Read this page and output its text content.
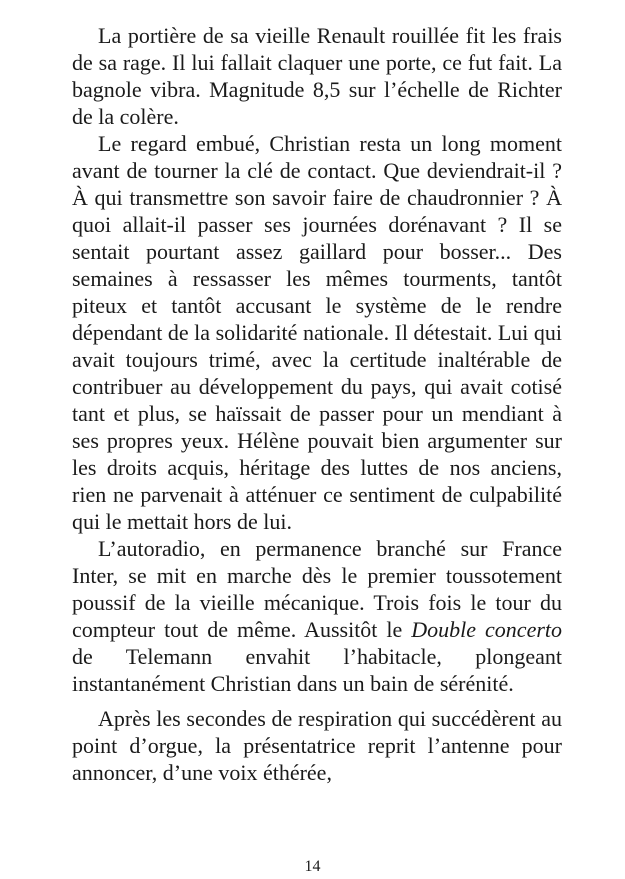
La portière de sa vieille Renault rouillée fit les frais de sa rage. Il lui fallait claquer une porte, ce fut fait. La bagnole vibra. Magnitude 8,5 sur l’échelle de Richter de la colère.

Le regard embué, Christian resta un long moment avant de tourner la clé de contact. Que deviendrait-il ? À qui transmettre son savoir faire de chaudronnier ? À quoi allait-il passer ses journées dorénavant ? Il se sentait pourtant assez gaillard pour bosser... Des semaines à ressasser les mêmes tourments, tantôt piteux et tantôt accusant le système de le rendre dépendant de la solidarité nationale. Il détestait. Lui qui avait toujours trimé, avec la certitude inaltérable de contribuer au développement du pays, qui avait cotisé tant et plus, se haïssait de passer pour un mendiant à ses propres yeux. Hélène pouvait bien argumenter sur les droits acquis, héritage des luttes de nos anciens, rien ne parvenait à atténuer ce sentiment de culpabilité qui le mettait hors de lui.

L’autoradio, en permanence branché sur France Inter, se mit en marche dès le premier toussotement poussif de la vieille mécanique. Trois fois le tour du compteur tout de même. Aussitôt le Double concerto de Telemann envahit l’habitacle, plongeant instantanément Christian dans un bain de sérénité.

Après les secondes de respiration qui succédèrent au point d’orgue, la présentatrice reprit l’antenne pour annoncer, d’une voix éthérée,

14
